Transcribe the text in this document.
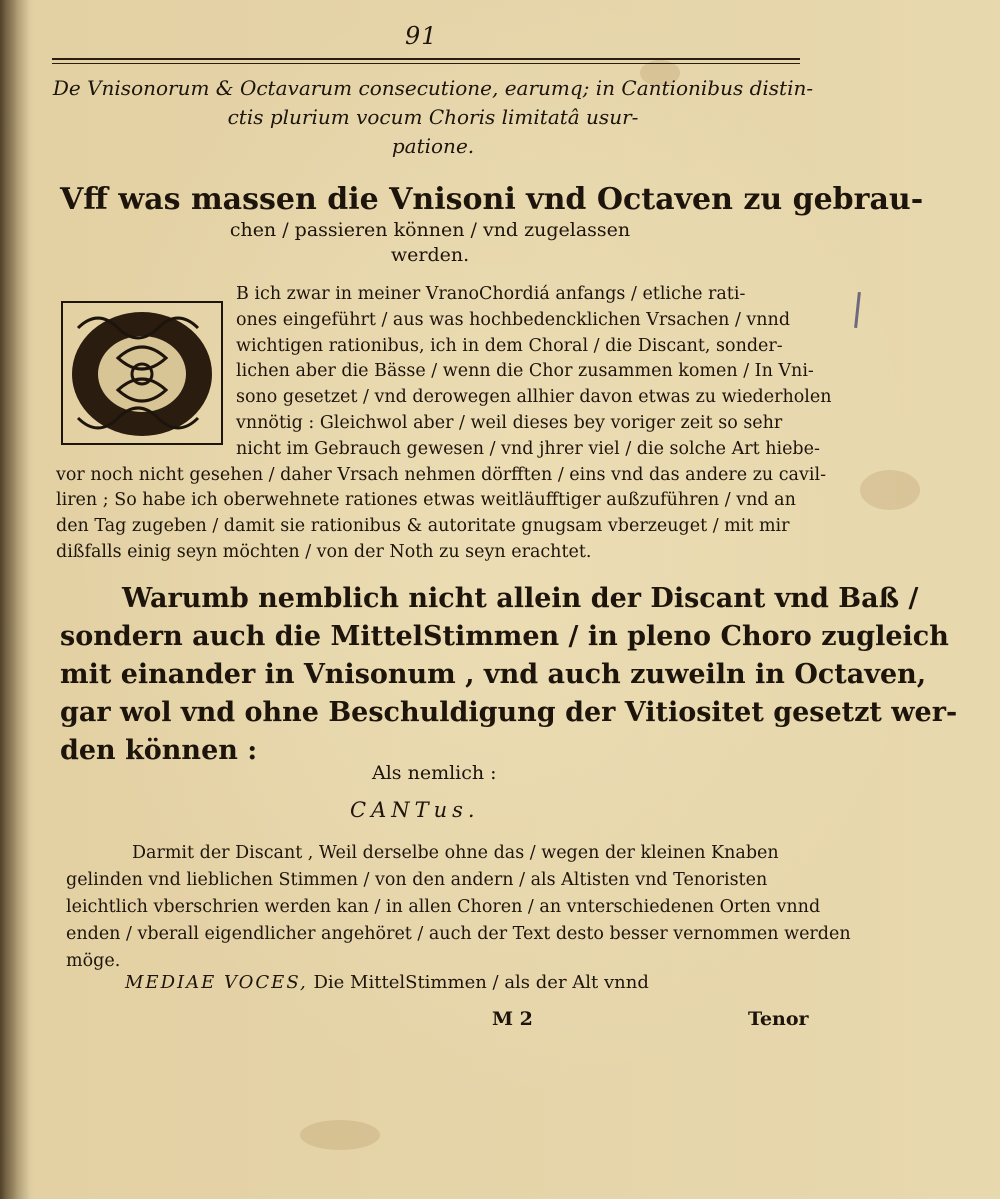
91
De Vnisonorum & Octavarum consecutione, earumq; in Cantionibus distin-
ctis plurium vocum Choris limitatâ usur-
patione.
Vff was massen die Vnisoni vnd Octaven zu gebrau-
chen / passieren können / vnd zugelassen
werden.
B ich zwar in meiner VranoChordiá anfangs / etliche rati-
ones eingeführt / aus was hochbedencklichen Vrsachen / vnnd
wichtigen rationibus, ich in dem Choral / die Discant, sonder-
lichen aber die Bässe / wenn die Chor zusammen komen / In Vni-
sono gesetzet / vnd derowegen allhier davon etwas zu wiederholen
vnnötig : Gleichwol aber / weil dieses bey voriger zeit so sehr
nicht im Gebrauch gewesen / vnd jhrer viel / die solche Art hiebe-
vor noch nicht gesehen / daher Vrsach nehmen dörfften / eins vnd das andere zu cavil-
liren ; So habe ich oberwehnete rationes etwas weitläufftiger außzuführen / vnd an
den Tag zugeben / damit sie rationibus & autoritate gnugsam vberzeuget / mit mir
dißfalls einig seyn möchten / von der Noth zu seyn erachtet.
Warumb nemblich nicht allein der Discant vnd Baß /
sondern auch die MittelStimmen / in pleno Choro zugleich
mit einander in Vnisonum , vnd auch zuweiln in Octaven,
gar wol vnd ohne Beschuldigung der Vitiositet gesetzt wer-
den können :
Als nemlich :
CANTus.
Darmit der Discant , Weil derselbe ohne das / wegen der kleinen Knaben
gelinden vnd lieblichen Stimmen / von den andern / als Altisten vnd Tenoristen
leichtlich vberschrien werden kan / in allen Choren / an vnterschiedenen Orten vnnd
enden / vberall eigendlicher angehöret / auch der Text desto besser vernommen werden
möge.
MEDIAE VOCES, Die MittelStimmen / als der Alt vnnd
M 2	Tenor
